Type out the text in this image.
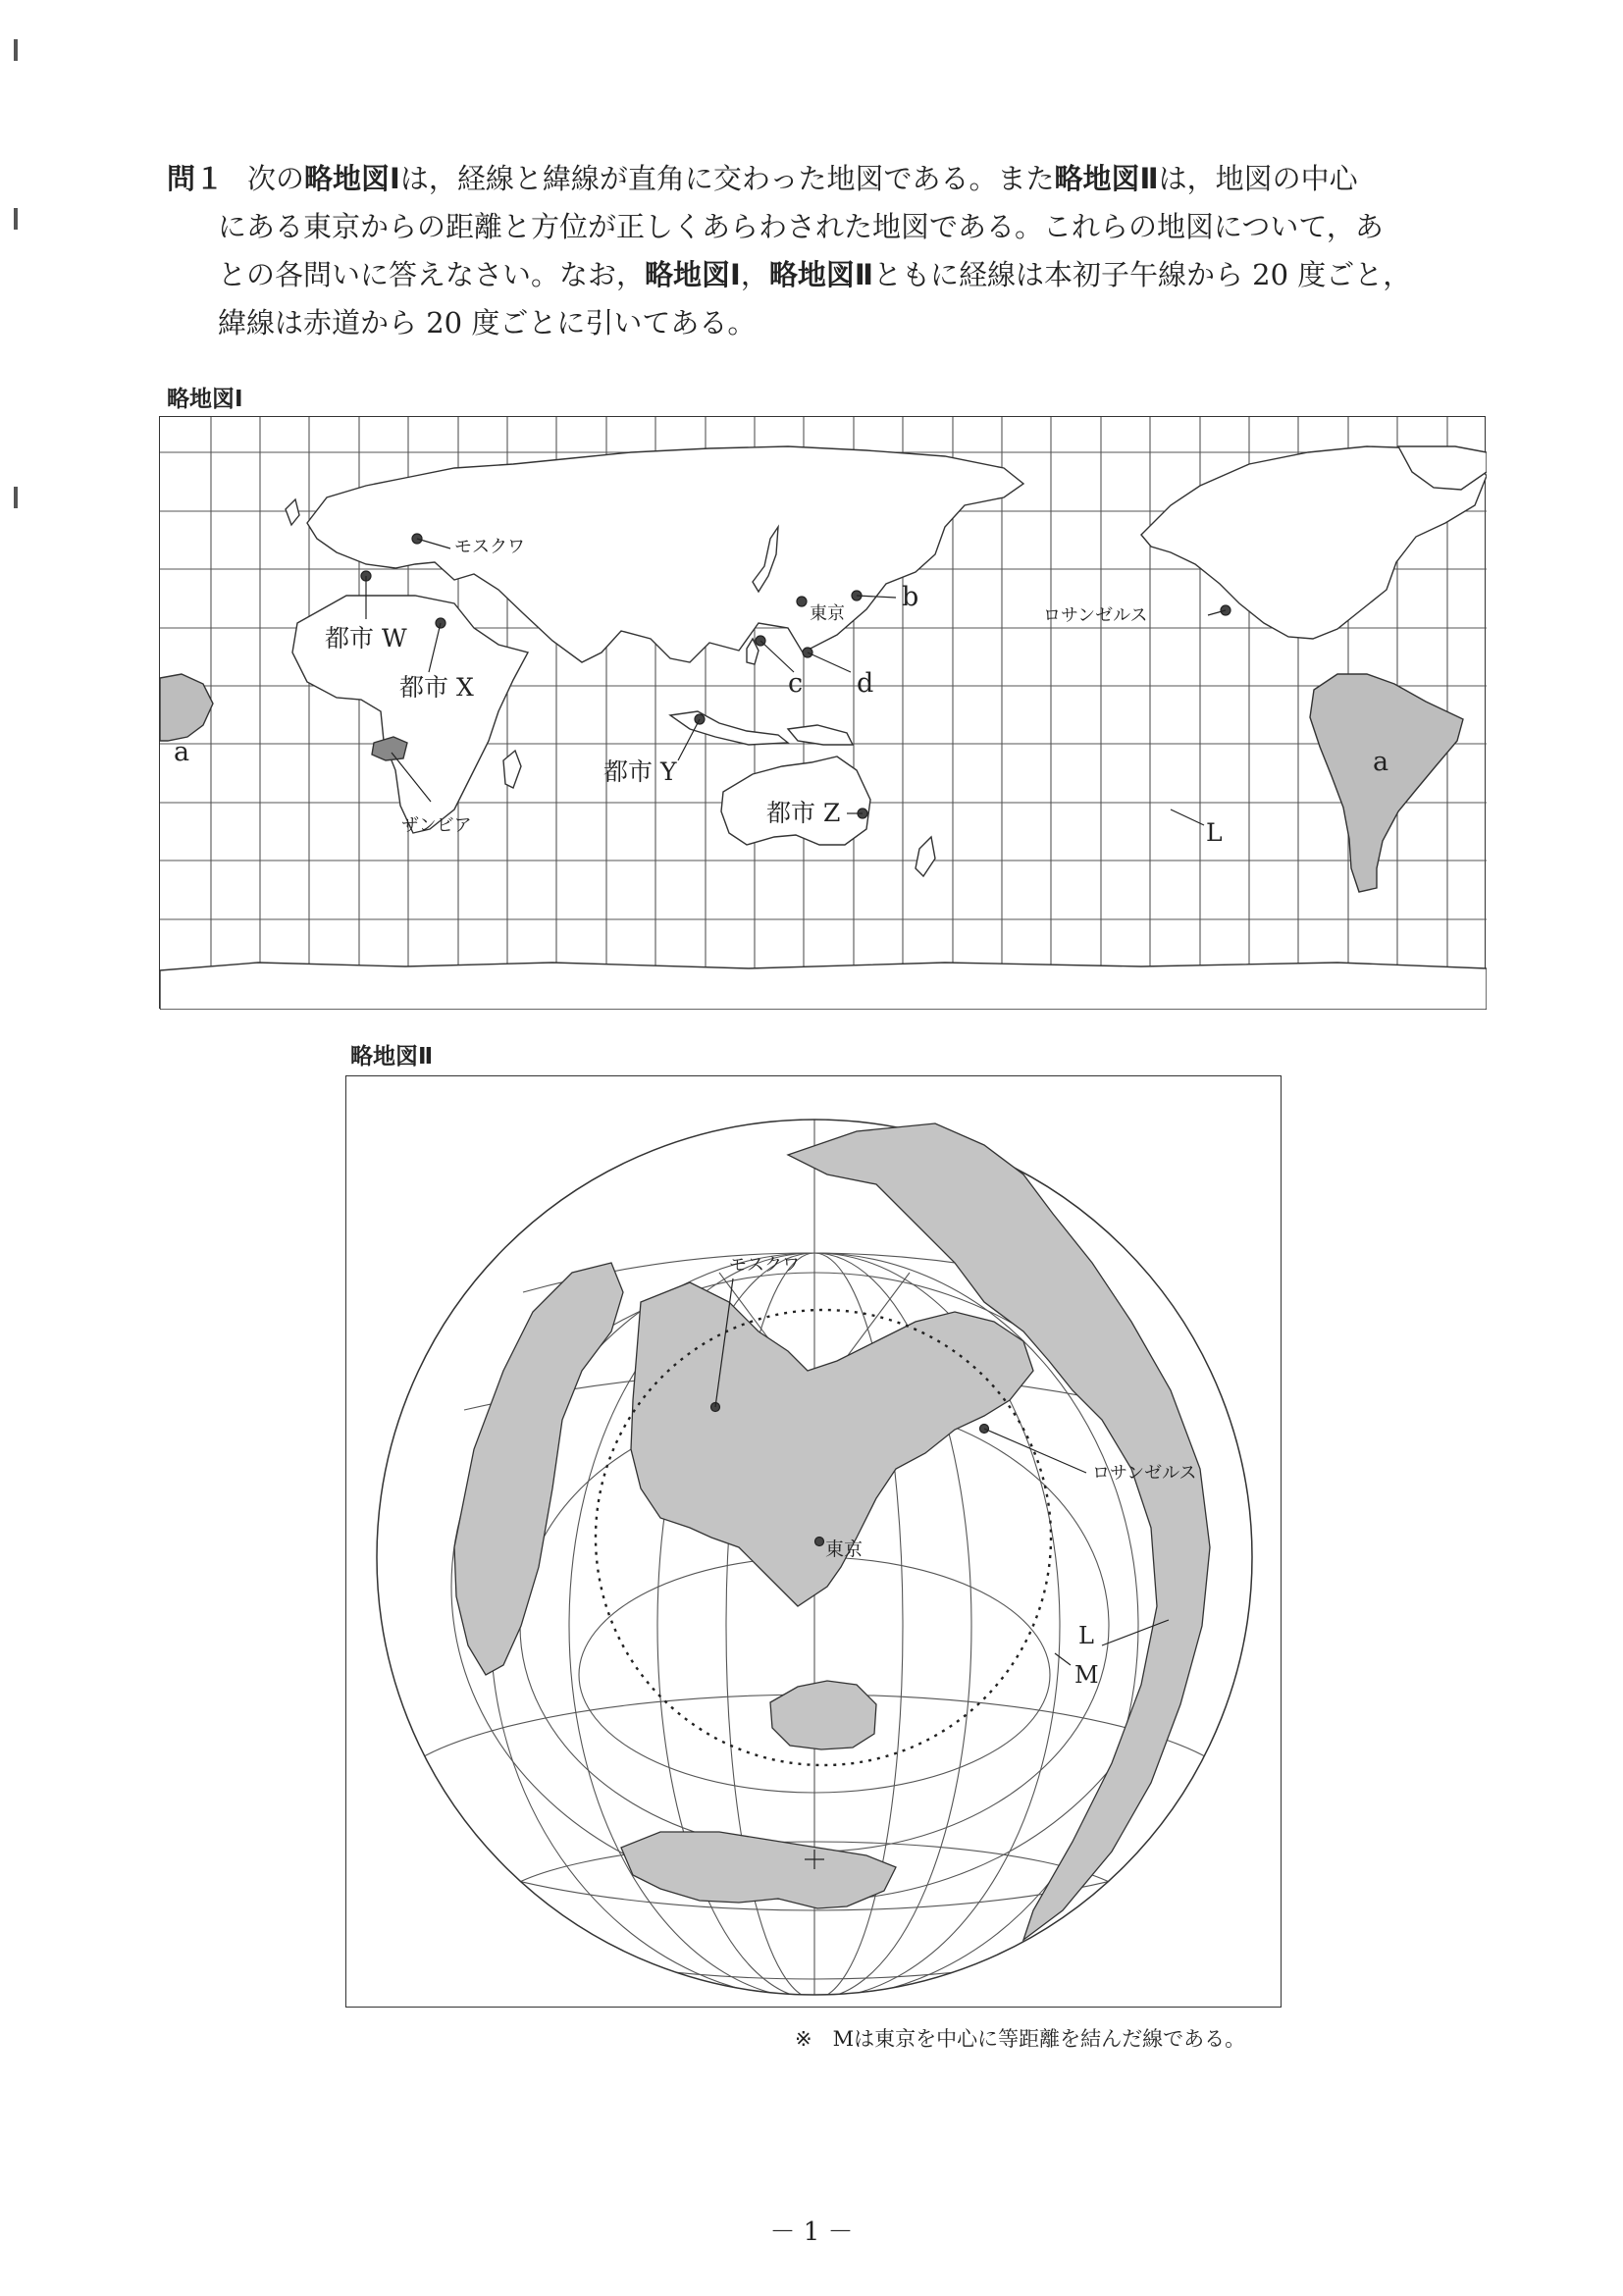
問１ 次の略地図Ⅰは，経線と緯線が直角に交わった地図である。また略地図Ⅱは，地図の中心
にある東京からの距離と方位が正しくあらわされた地図である。これらの地図について，あ
との各問いに答えなさい。なお，略地図Ⅰ，略地図Ⅱともに経線は本初子午線から 20 度ごと，
緯線は赤道から 20 度ごとに引いてある。
略地図Ⅰ
モスクワ
b
東京	ロサンゼルス
都市 W
都市 X	c d
a	a
都市 Y
都市 Z
ザンビア	L
略地図Ⅱ
モスクワ
ロサンゼルス
東京
L
M
※　Mは東京を中心に等距離を結んだ線である。
－ 1 －
